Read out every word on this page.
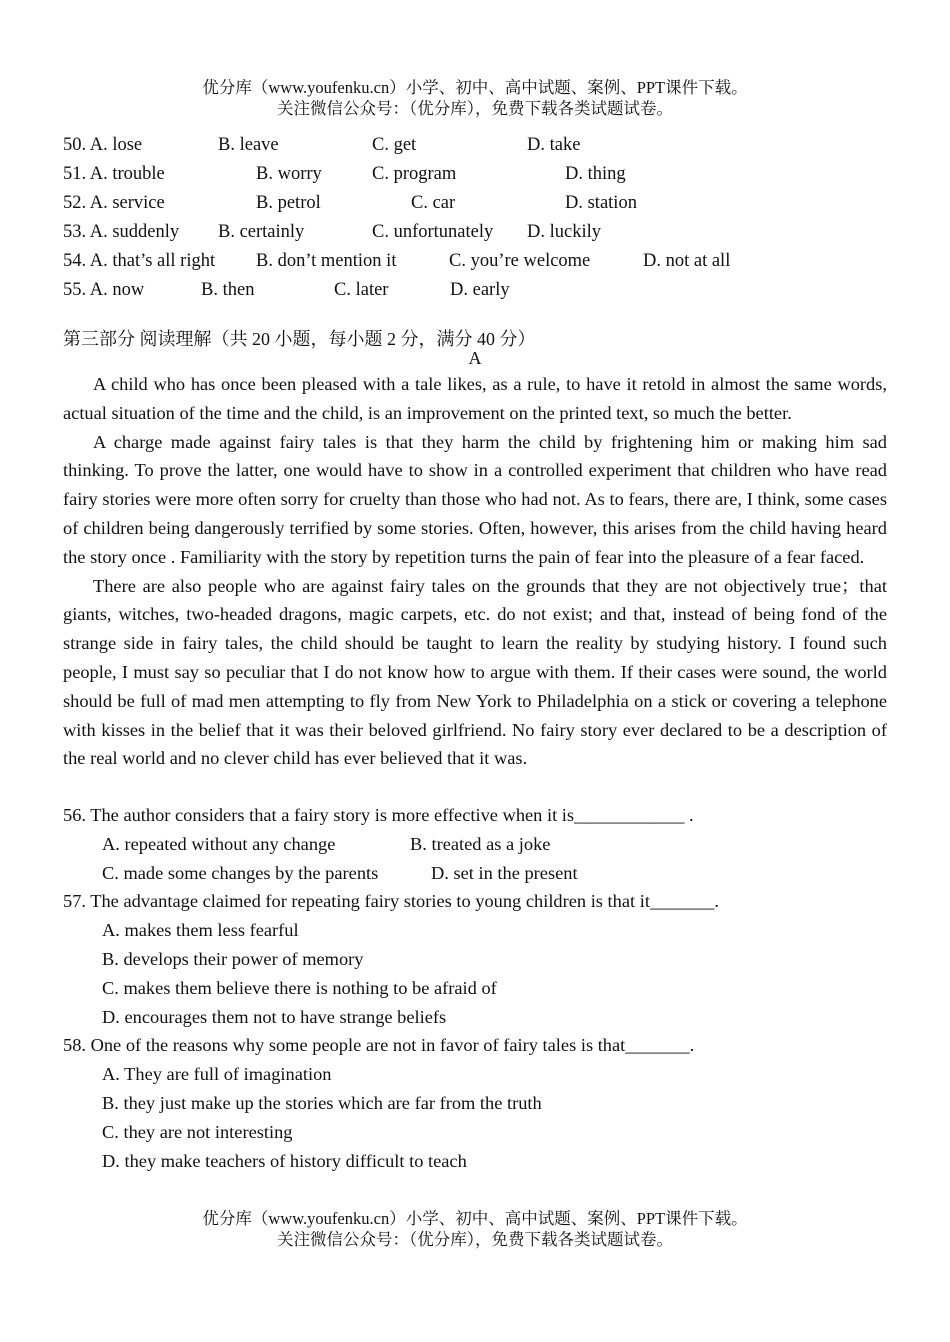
优分库（www.youfenku.cn）小学、初中、高中试题、案例、PPT课件下载。
关注微信公众号：（优分库），免费下载各类试题试卷。
50. A. lose	B. leave	C. get	D. take
51. A. trouble	B. worry	C. program	D. thing
52. A. service	B. petrol	C. car	D. station
53. A. suddenly B. certainly	C. unfortunately D. luckily
54. A. that’s all right B. don’t mention it	C. you’re welcome	D. not at all
55. A. now	B. then	C. later	D. early
第三部分 阅读理解（共 20 小题，每小题 2 分，满分 40 分）
A

A child who has once been pleased with a tale likes, as a rule, to have it retold in almost the same words, actual situation of the time and the child, is an improvement on the printed text, so much the better.

A charge made against fairy tales is that they harm the child by frightening him or making him sad thinking. To prove the latter, one would have to show in a controlled experiment that children who have read fairy stories were more often sorry for cruelty than those who had not. As to fears, there are, I think, some cases of children being dangerously terrified by some stories. Often, however, this arises from the child having heard the story once . Familiarity with the story by repetition turns the pain of fear into the pleasure of a fear faced.

There are also people who are against fairy tales on the grounds that they are not objectively true；that giants, witches, two-headed dragons, magic carpets, etc. do not exist; and that, instead of being fond of the strange side in fairy tales, the child should be taught to learn the reality by studying history. I found such people, I must say so peculiar that I do not know how to argue with them. If their cases were sound, the world should be full of mad men attempting to fly from New York to Philadelphia on a stick or covering a telephone with kisses in the belief that it was their beloved girlfriend. No fairy story ever declared to be a description of the real world and no clever child has ever believed that it was.

56. The author considers that a fairy story is more effective when it is____________ .
A. repeated without any change	B. treated as a joke
C. made some changes by the parents	D. set in the present
57. The advantage claimed for repeating fairy stories to young children is that it_______.
A. makes them less fearful
B. develops their power of memory
C. makes them believe there is nothing to be afraid of
D. encourages them not to have strange beliefs
58. One of the reasons why some people are not in favor of fairy tales is that_______.
A. They are full of imagination
B. they just make up the stories which are far from the truth
C. they are not interesting
D. they make teachers of history difficult to teach
优分库（www.youfenku.cn）小学、初中、高中试题、案例、PPT课件下载。
关注微信公众号：（优分库），免费下载各类试题试卷。
